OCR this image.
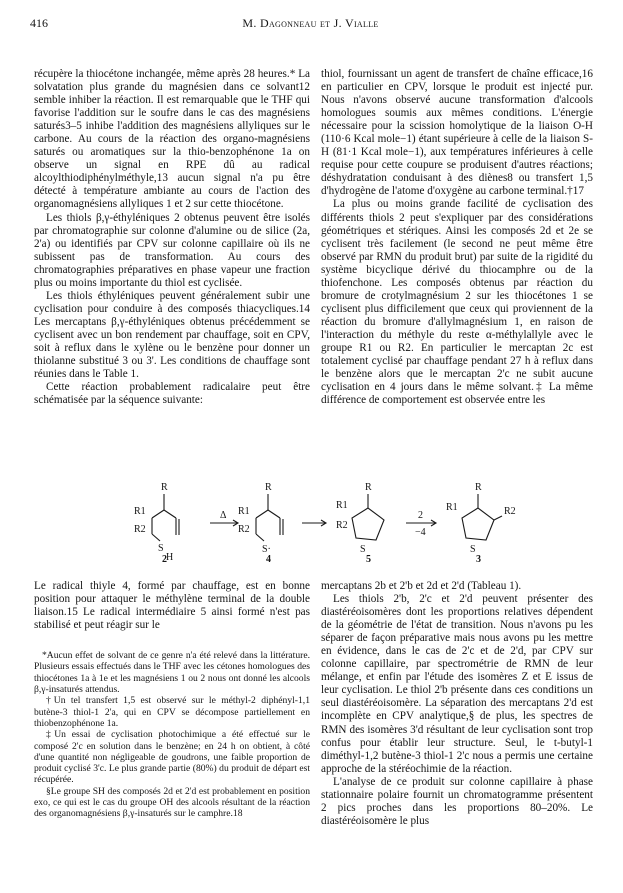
416	M. Dagonneau et J. Vialle

récupère la thiocétone inchangée, même après 28 heures.* La solvatation plus grande du magnésien dans ce solvant12 semble inhiber la réaction. Il est remarquable que le THF qui favorise l'addition sur le soufre dans le cas des magnésiens saturés3–5 inhibe l'addition des magnésiens allyliques sur le carbone. Au cours de la réaction des organo-magnésiens saturés ou aromatiques sur la thio-benzophénone 1a on observe un signal en RPE dû au radical alcoylthiodiphénylméthyle,13 aucun signal n'a pu être détecté à température ambiante au cours de l'action des organomagnésiens allyliques 1 et 2 sur cette thiocétone.

Les thiols β,γ-éthyléniques 2 obtenus peuvent être isolés par chromatographie sur colonne d'alumine ou de silice (2a, 2'a) ou identifiés par CPV sur colonne capillaire où ils ne subissent pas de transformation. Au cours des chromatographies préparatives en phase vapeur une fraction plus ou moins importante du thiol est cyclisée.

Les thiols éthyléniques peuvent généralement subir une cyclisation pour conduire à des composés thiacycliques.14 Les mercaptans β,γ-éthyléniques obtenus précédemment se cyclisent avec un bon rendement par chauffage, soit en CPV, soit à reflux dans le xylène ou le benzène pour donner un thiolanne substitué 3 ou 3'. Les conditions de chauffage sont réunies dans le Table 1.

Cette réaction probablement radicalaire peut être schématisée par la séquence suivante:

thiol, fournissant un agent de transfert de chaîne efficace,16 en particulier en CPV, lorsque le produit est injecté pur. Nous n'avons observé aucune transformation d'alcools homologues soumis aux mêmes conditions. L'énergie nécessaire pour la scission homolytique de la liaison O-H (110·6 Kcal mole−1) étant supérieure à celle de la liaison S-H (81·1 Kcal mole−1), aux températures inférieures à celle requise pour cette coupure se produisent d'autres réactions; déshydratation conduisant à des diènes8 ou transfert 1,5 d'hydrogène de l'atome d'oxygène au carbone terminal.†17

La plus ou moins grande facilité de cyclisation des différents thiols 2 peut s'expliquer par des considérations géométriques et stériques. Ainsi les composés 2d et 2e se cyclisent très facilement (le second ne peut même être observé par RMN du produit brut) par suite de la rigidité du système bicyclique dérivé du thiocamphre ou de la thiofenchone. Les composés obtenus par réaction du bromure de crotylmagnésium 2 sur les thiocétones 1 se cyclisent plus difficilement que ceux qui proviennent de la réaction du bromure d'allylmagnésium 1, en raison de l'interaction du méthyle du reste α-méthylallyle avec le groupe R1 ou R2. En particulier le mercaptan 2c est totalement cyclisé par chauffage pendant 27 h à reflux dans le benzène alors que le mercaptan 2'c ne subit aucune cyclisation en 4 jours dans le même solvant.‡ La même différence de comportement est observée entre les

R
R1
R2
S
H
Δ
R
R1
R2
S·
R
R1
R2
S
R
R1	R2
S
2
−4
2	4	5	3

Le radical thiyle 4, formé par chauffage, est en bonne position pour attaquer le méthylène terminal de la double liaison.15 Le radical intermédiaire 5 ainsi formé n'est pas stabilisé et peut réagir sur le

*Aucun effet de solvant de ce genre n'a été relevé dans la littérature. Plusieurs essais effectués dans le THF avec les cétones homologues des thiocétones 1a à 1e et les magnésiens 1 ou 2 nous ont donné les alcools β,γ-insaturés attendus.

†Un tel transfert 1,5 est observé sur le méthyl-2 diphényl-1,1 butène-3 thiol-1 2'a, qui en CPV se décompose partiellement en thiobenzophénone 1a.

‡Un essai de cyclisation photochimique a été effectué sur le composé 2'c en solution dans le benzène; en 24 h on obtient, à côté d'une quantité non négligeable de goudrons, une faible proportion de produit cyclisé 3'c. Le plus grande partie (80%) du produit de départ est récupérée.

§Le groupe SH des composés 2d et 2'd est probablement en position exo, ce qui est le cas du groupe OH des alcools résultant de la réaction des organomagnésiens β,γ-insaturés sur le camphre.18

mercaptans 2b et 2'b et 2d et 2'd (Tableau 1).

Les thiols 2'b, 2'c et 2'd peuvent présenter des diastéréoisomères dont les proportions relatives dépendent de la géométrie de l'état de transition. Nous n'avons pu les séparer de façon préparative mais nous avons pu les mettre en évidence, dans le cas de 2'c et de 2'd, par CPV sur colonne capillaire, par spectrométrie de RMN de leur mélange, et enfin par l'étude des isomères Z et E issus de leur cyclisation. Le thiol 2'b présente dans ces conditions un seul diastéréoisomère. La séparation des mercaptans 2'd est incomplète en CPV analytique,§ de plus, les spectres de RMN des isomères 3'd résultant de leur cyclisation sont trop confus pour établir leur structure. Seul, le t-butyl-1 diméthyl-1,2 butène-3 thiol-1 2'c nous a permis une certaine approche de la stéréochimie de la réaction.

L'analyse de ce produit sur colonne capillaire à phase stationnaire polaire fournit un chromatogramme présentent 2 pics proches dans les proportions 80–20%. Le diastéréoisomère le plus
